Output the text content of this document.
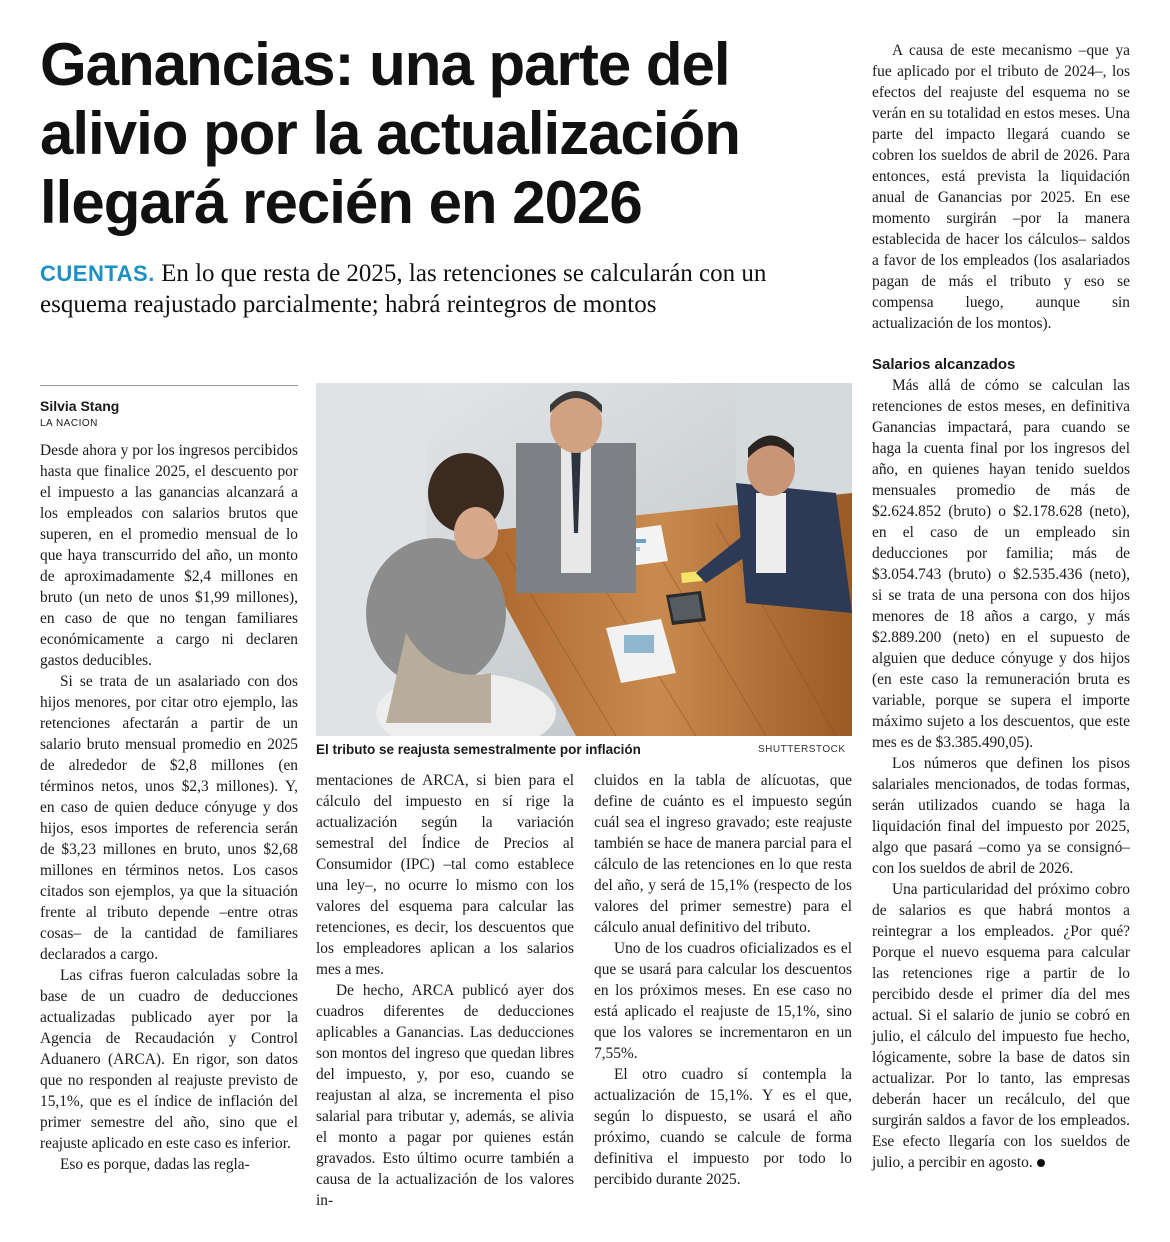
Ganancias: una parte del
alivio por la actualización
llegará recién en 2026
CUENTAS. En lo que resta de 2025, las retenciones se calcularán con un esquema reajustado parcialmente; habrá reintegros de montos
Silvia Stang
LA NACION

Desde ahora y por los ingresos percibidos hasta que finalice 2025, el descuento por el impuesto a las ganancias alcanzará a los empleados con salarios brutos que superen, en el promedio mensual de lo que haya transcurrido del año, un monto de aproximadamente $2,4 millones en bruto (un neto de unos $1,99 millones), en caso de que no tengan familiares económicamente a cargo ni declaren gastos deducibles.

Si se trata de un asalariado con dos hijos menores, por citar otro ejemplo, las retenciones afectarán a partir de un salario bruto mensual promedio en 2025 de alrededor de $2,8 millones (en términos netos, unos $2,3 millones). Y, en caso de quien deduce cónyuge y dos hijos, esos importes de referencia serán de $3,23 millones en bruto, unos $2,68 millones en términos netos. Los casos citados son ejemplos, ya que la situación frente al tributo depende –entre otras cosas– de la cantidad de familiares declarados a cargo.

Las cifras fueron calculadas sobre la base de un cuadro de deducciones actualizadas publicado ayer por la Agencia de Recaudación y Control Aduanero (ARCA). En rigor, son datos que no responden al reajuste previsto de 15,1%, que es el índice de inflación del primer semestre del año, sino que el reajuste aplicado en este caso es inferior.

Eso es porque, dadas las regla-

El tributo se reajusta semestralmente por inflación	SHUTTERSTOCK

mentaciones de ARCA, si bien para el cálculo del impuesto en sí rige la actualización según la variación semestral del Índice de Precios al Consumidor (IPC) –tal como establece una ley–, no ocurre lo mismo con los valores del esquema para calcular las retenciones, es decir, los descuentos que los empleadores aplican a los salarios mes a mes.

De hecho, ARCA publicó ayer dos cuadros diferentes de deducciones aplicables a Ganancias. Las deducciones son montos del ingreso que quedan libres del impuesto, y, por eso, cuando se reajustan al alza, se incrementa el piso salarial para tributar y, además, se alivia el monto a pagar por quienes están gravados. Esto último ocurre también a causa de la actualización de los valores in-

cluidos en la tabla de alícuotas, que define de cuánto es el impuesto según cuál sea el ingreso gravado; este reajuste también se hace de manera parcial para el cálculo de las retenciones en lo que resta del año, y será de 15,1% (respecto de los valores del primer semestre) para el cálculo anual definitivo del tributo.

Uno de los cuadros oficializados es el que se usará para calcular los descuentos en los próximos meses. En ese caso no está aplicado el reajuste de 15,1%, sino que los valores se incrementaron en un 7,55%.

El otro cuadro sí contempla la actualización de 15,1%. Y es el que, según lo dispuesto, se usará el año próximo, cuando se calcule de forma definitiva el impuesto por todo lo percibido durante 2025.

A causa de este mecanismo –que ya fue aplicado por el tributo de 2024–, los efectos del reajuste del esquema no se verán en su totalidad en estos meses. Una parte del impacto llegará cuando se cobren los sueldos de abril de 2026. Para entonces, está prevista la liquidación anual de Ganancias por 2025. En ese momento surgirán –por la manera establecida de hacer los cálculos– saldos a favor de los empleados (los asalariados pagan de más el tributo y eso se compensa luego, aunque sin actualización de los montos).

Salarios alcanzados

Más allá de cómo se calculan las retenciones de estos meses, en definitiva Ganancias impactará, para cuando se haga la cuenta final por los ingresos del año, en quienes hayan tenido sueldos mensuales promedio de más de $2.624.852 (bruto) o $2.178.628 (neto), en el caso de un empleado sin deducciones por familia; más de $3.054.743 (bruto) o $2.535.436 (neto), si se trata de una persona con dos hijos menores de 18 años a cargo, y más $2.889.200 (neto) en el supuesto de alguien que deduce cónyuge y dos hijos (en este caso la remuneración bruta es variable, porque se supera el importe máximo sujeto a los descuentos, que este mes es de $3.385.490,05).

Los números que definen los pisos salariales mencionados, de todas formas, serán utilizados cuando se haga la liquidación final del impuesto por 2025, algo que pasará –como ya se consignó– con los sueldos de abril de 2026.

Una particularidad del próximo cobro de salarios es que habrá montos a reintegrar a los empleados. ¿Por qué? Porque el nuevo esquema para calcular las retenciones rige a partir de lo percibido desde el primer día del mes actual. Si el salario de junio se cobró en julio, el cálculo del impuesto fue hecho, lógicamente, sobre la base de datos sin actualizar. Por lo tanto, las empresas deberán hacer un recálculo, del que surgirán saldos a favor de los empleados. Ese efecto llegaría con los sueldos de julio, a percibir en agosto.
